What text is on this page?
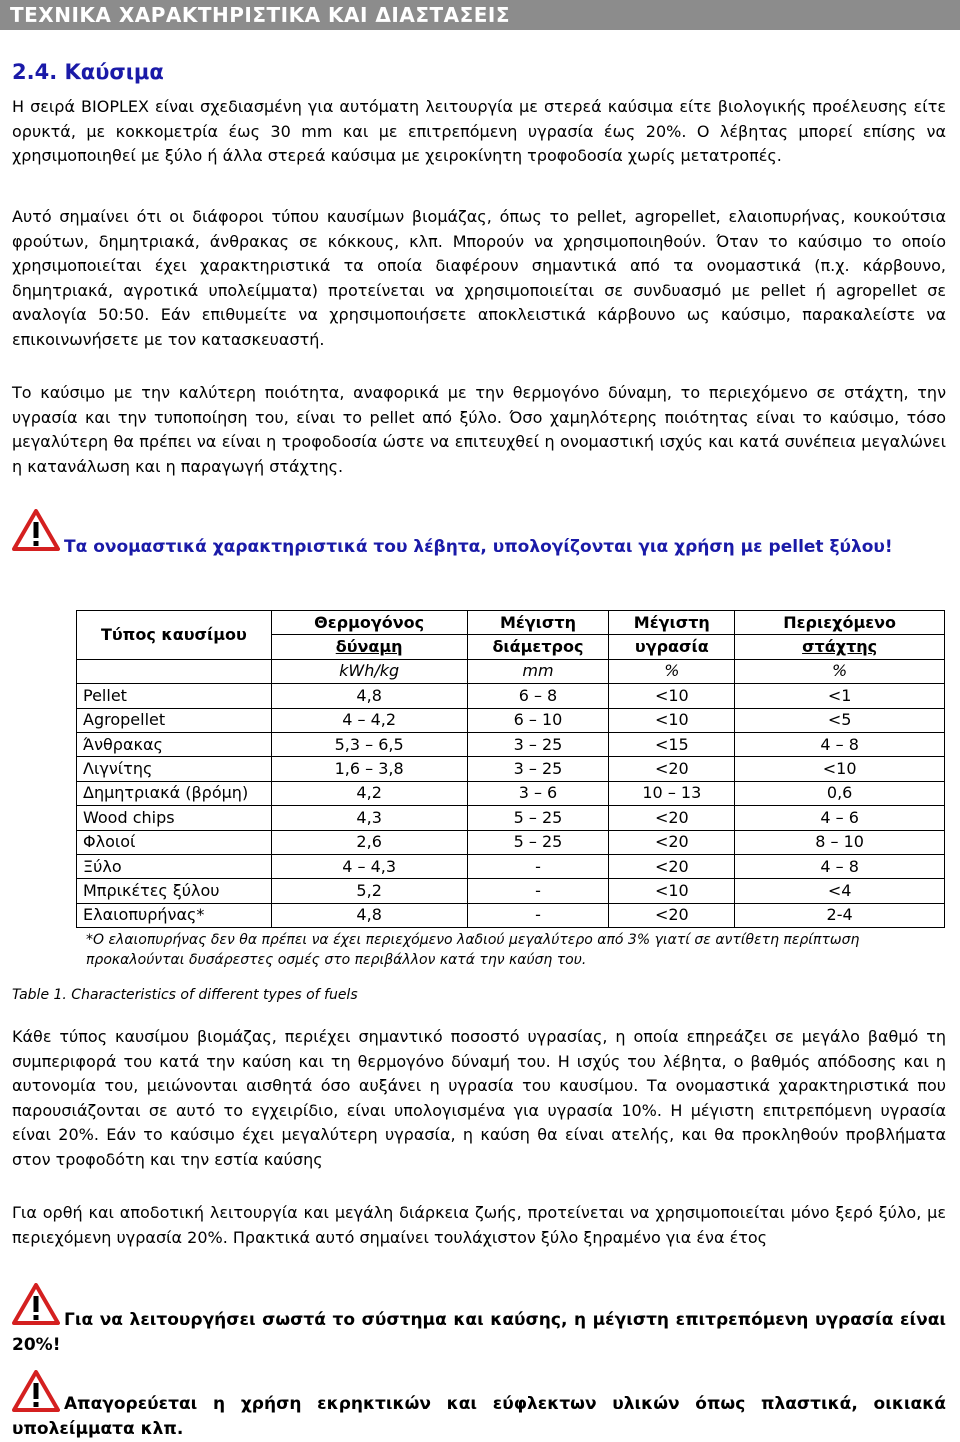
ΤΕΧΝΙΚΑ ΧΑΡΑΚΤΗΡΙΣΤΙΚΑ ΚΑΙ ΔΙΑΣΤΑΣΕΙΣ
2.4. Καύσιμα

Η σειρά BIOPLEX είναι σχεδιασμένη για αυτόματη λειτουργία με στερεά καύσιμα είτε βιολογικής προέλευσης είτε ορυκτά, με κοκκομετρία έως 30 mm και με επιτρεπόμενη υγρασία έως 20%. Ο λέβητας μπορεί επίσης να χρησιμοποιηθεί με ξύλο ή άλλα στερεά καύσιμα με χειροκίνητη τροφοδοσία χωρίς μετατροπές.

Αυτό σημαίνει ότι οι διάφοροι τύπου καυσίμων βιομάζας, όπως το pellet, agropellet, ελαιοπυρήνας, κουκούτσια φρούτων, δημητριακά, άνθρακας σε κόκκους, κλπ. Μπορούν να χρησιμοποιηθούν. Όταν το καύσιμο το οποίο χρησιμοποιείται έχει χαρακτηριστικά τα οποία διαφέρουν σημαντικά από τα ονομαστικά (π.χ. κάρβουνο, δημητριακά, αγροτικά υπολείμματα) προτείνεται να χρησιμοποιείται σε συνδυασμό με pellet ή agropellet σε αναλογία 50:50. Εάν επιθυμείτε να χρησιμοποιήσετε αποκλειστικά κάρβουνο ως καύσιμο, παρακαλείστε να επικοινωνήσετε με τον κατασκευαστή.

Το καύσιμο με την καλύτερη ποιότητα, αναφορικά με την θερμογόνο δύναμη, το περιεχόμενο σε στάχτη, την υγρασία και την τυποποίηση του, είναι το pellet από ξύλο. Όσο χαμηλότερης ποιότητας είναι το καύσιμο, τόσο μεγαλύτερη θα πρέπει να είναι η τροφοδοσία ώστε να επιτευχθεί η ονομαστική ισχύς και κατά συνέπεια μεγαλώνει η κατανάλωση και η παραγωγή στάχτης.

Τα ονομαστικά χαρακτηριστικά του λέβητα, υπολογίζονται για χρήση με pellet ξύλου!

Τύπος καυσίμου	Θερμογόνος	Μέγιστη	Μέγιστη	Περιεχόμενο
	δύναμη	διάμετρος	υγρασία	στάχτης
	kWh/kg	mm	%	%
Pellet	4,8	6 – 8	<10	<1
Agropellet	4 – 4,2	6 – 10	<10	<5
Άνθρακας	5,3 – 6,5	3 – 25	<15	4 – 8
Λιγνίτης	1,6 – 3,8	3 – 25	<20	<10
Δημητριακά (βρόμη)	4,2	3 – 6	10 – 13	0,6
Wood chips	4,3	5 – 25	<20	4 – 6
Φλοιοί	2,6	5 – 25	<20	8 – 10
Ξύλο	4 – 4,3	-	<20	4 – 8
Μπρικέτες ξύλου	5,2	-	<10	<4
Ελαιοπυρήνας*	4,8	-	<20	2-4

*Ο ελαιοπυρήνας δεν θα πρέπει να έχει περιεχόμενο λαδιού μεγαλύτερο από 3% γιατί σε αντίθετη περίπτωση προκαλούνται δυσάρεστες οσμές στο περιβάλλον κατά την καύση του.

Table 1. Characteristics of different types of fuels

Κάθε τύπος καυσίμου βιομάζας, περιέχει σημαντικό ποσοστό υγρασίας, η οποία επηρεάζει σε μεγάλο βαθμό τη συμπεριφορά του κατά την καύση και τη θερμογόνο δύναμή του. Η ισχύς του λέβητα, ο βαθμός απόδοσης και η αυτονομία του, μειώνονται αισθητά όσο αυξάνει η υγρασία του καυσίμου. Τα ονομαστικά χαρακτηριστικά που παρουσιάζονται σε αυτό το εγχειρίδιο, είναι υπολογισμένα για υγρασία 10%. Η μέγιστη επιτρεπόμενη υγρασία είναι 20%. Εάν το καύσιμο έχει μεγαλύτερη υγρασία, η καύση θα είναι ατελής, και θα προκληθούν προβλήματα στον τροφοδότη και την εστία καύσης

Για ορθή και αποδοτική λειτουργία και μεγάλη διάρκεια ζωής, προτείνεται να χρησιμοποιείται μόνο ξερό ξύλο, με περιεχόμενη υγρασία 20%. Πρακτικά αυτό σημαίνει τουλάχιστον ξύλο ξηραμένο για ένα έτος

Για να λειτουργήσει σωστά το σύστημα και καύσης, η μέγιστη επιτρεπόμενη υγρασία είναι 20%!

Απαγορεύεται η χρήση εκρηκτικών και εύφλεκτων υλικών όπως πλαστικά, οικιακά υπολείμματα κλπ.
